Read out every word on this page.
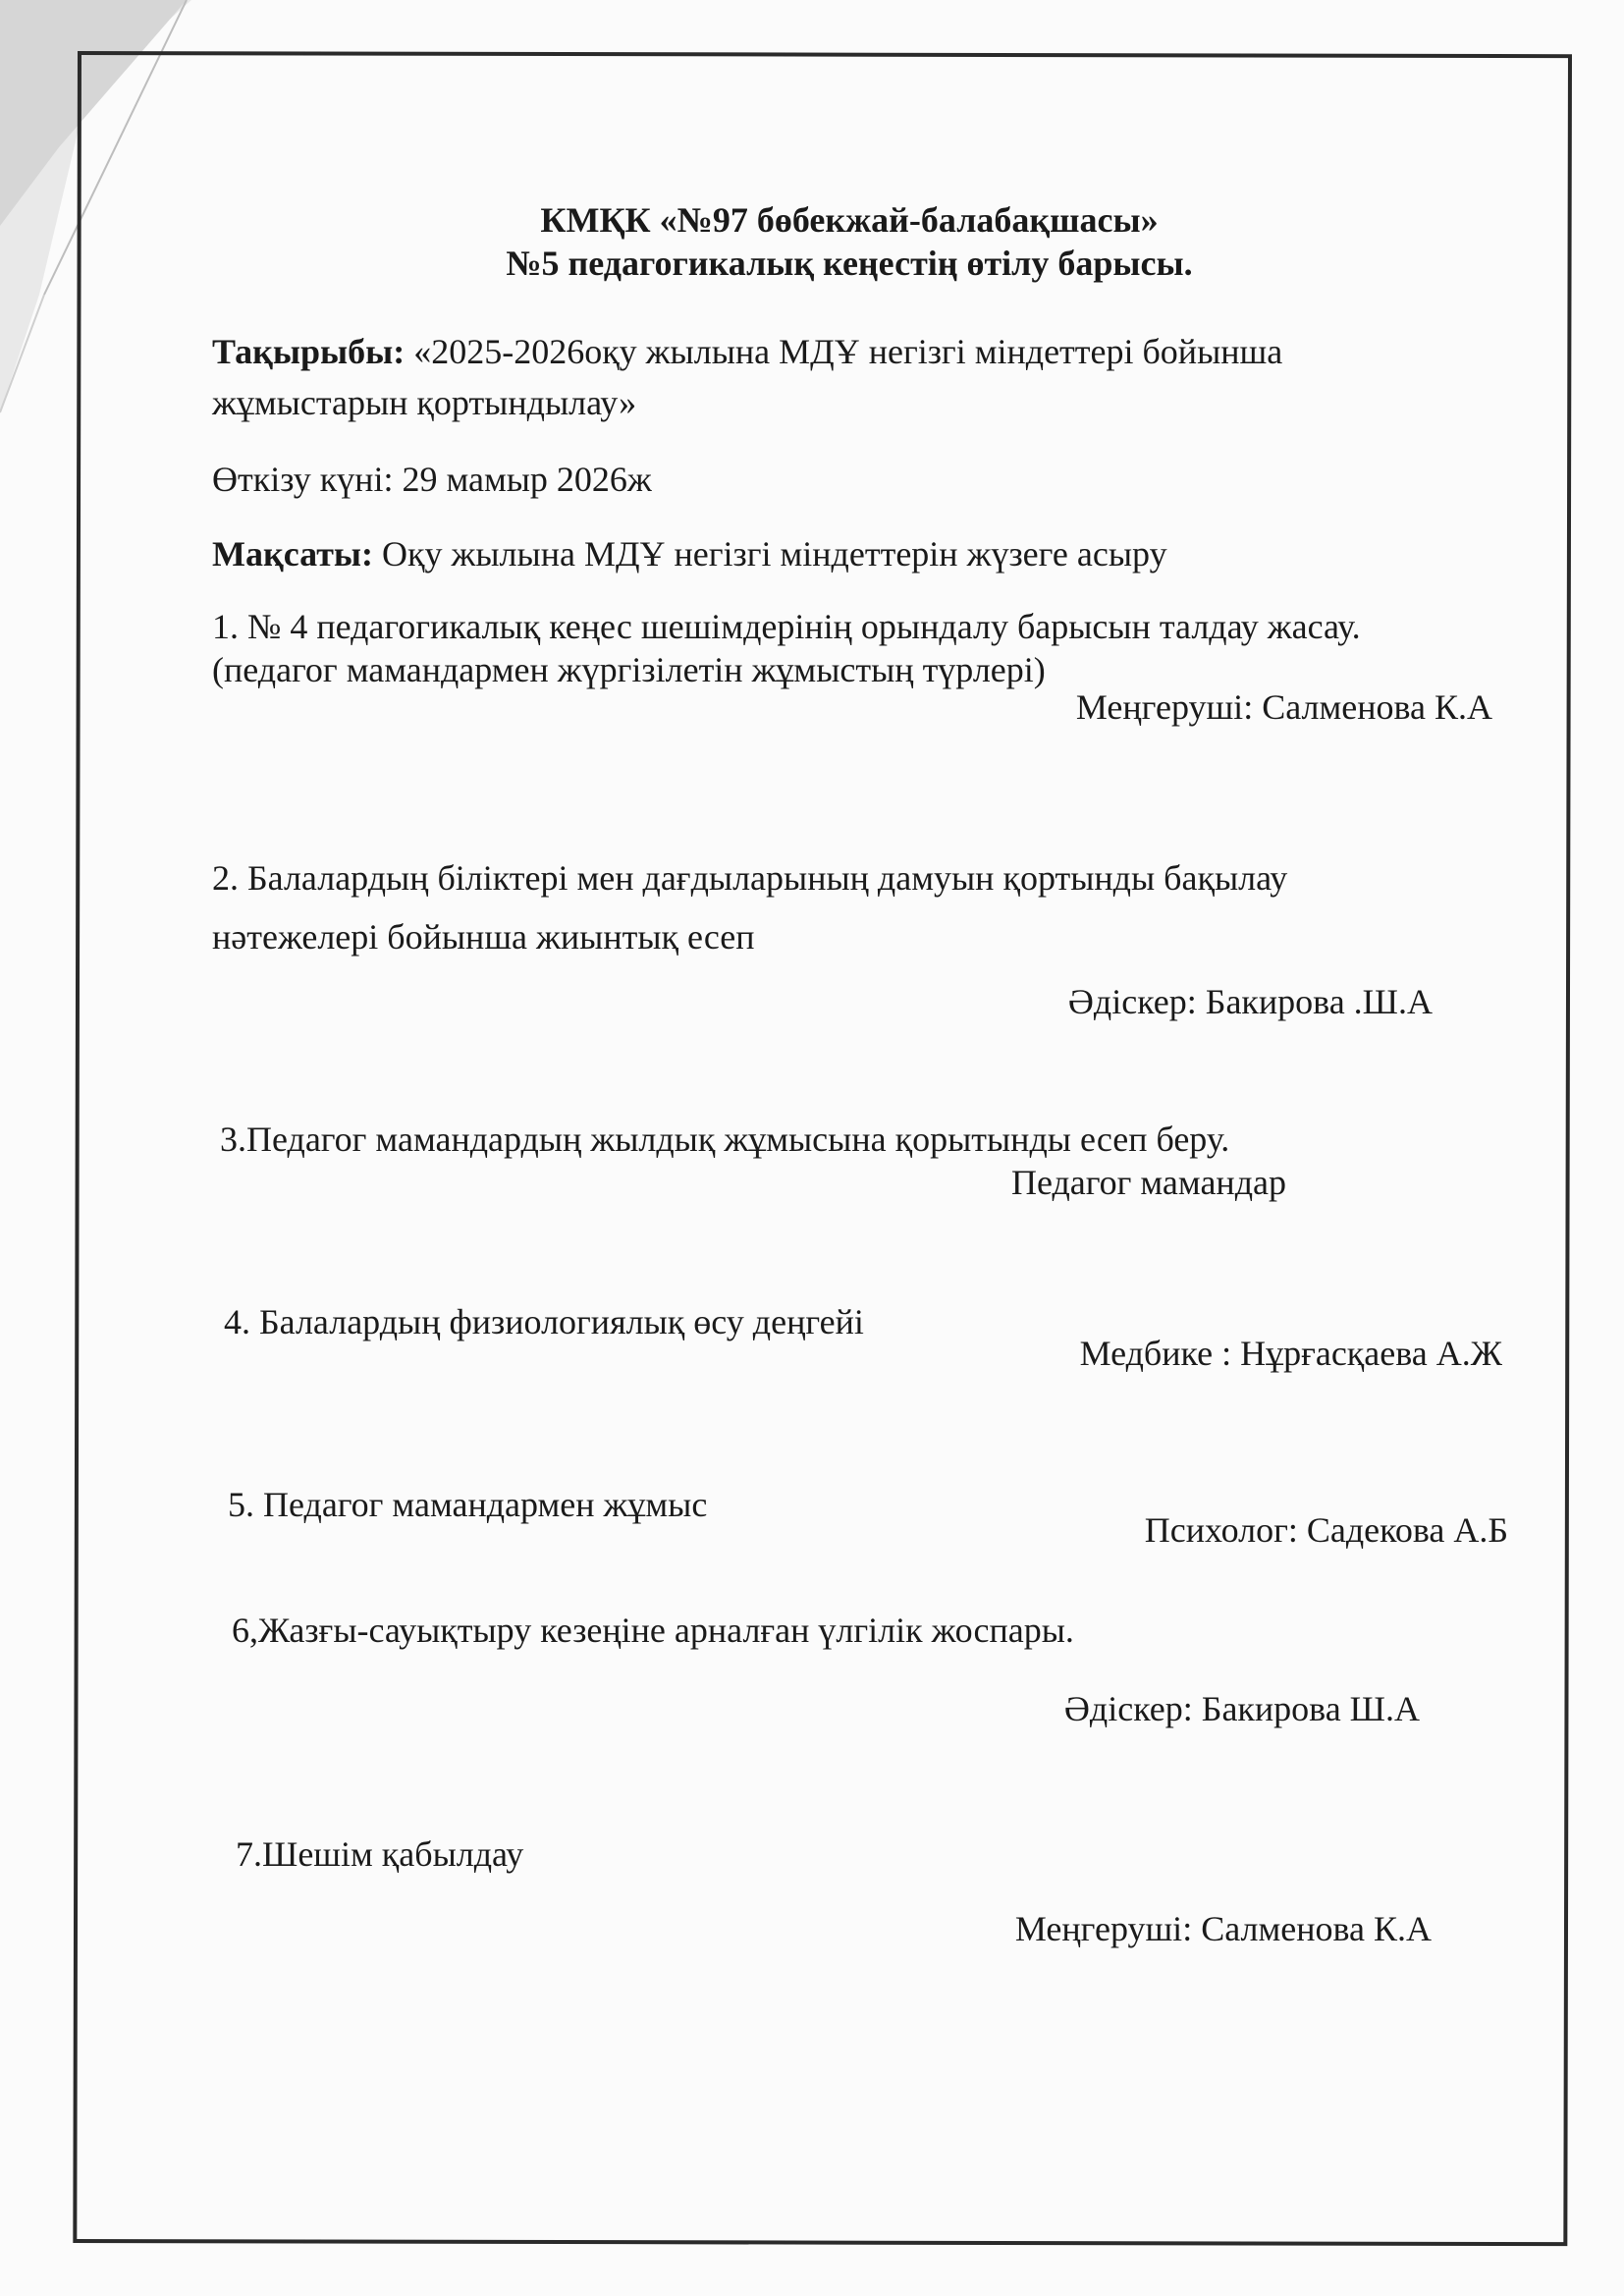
КМҚК «№97 бөбекжай-балабақшасы»
№5 педагогикалық кеңестің өтілу барысы.
Тақырыбы: «2025-2026оқу жылына МДҰ негізгі міндеттері бойынша
жұмыстарын қортындылау»
Өткізу күні: 29 мамыр 2026ж
Мақсаты: Оқу жылына МДҰ негізгі міндеттерін жүзеге асыру
1. № 4 педагогикалық кеңес шешімдерінің орындалу барысын талдау жасау.
(педагог мамандармен жүргізілетін жұмыстың түрлері)
Меңгеруші: Салменова К.А
2. Балалардың біліктері мен дағдыларының дамуын қортынды бақылау
нәтежелері бойынша жиынтық есеп
Әдіскер: Бакирова .Ш.А
3.Педагог мамандардың жылдық жұмысына қорытынды есеп беру.
Педагог мамандар
4. Балалардың физиологиялық өсу деңгейі
Медбике : Нұрғасқаева А.Ж
5. Педагог мамандармен жұмыс
Психолог: Садекова А.Б
6,Жазғы-сауықтыру кезеңіне арналған үлгілік жоспары.
Әдіскер: Бакирова Ш.А
7.Шешім қабылдау
Меңгеруші: Салменова К.А
